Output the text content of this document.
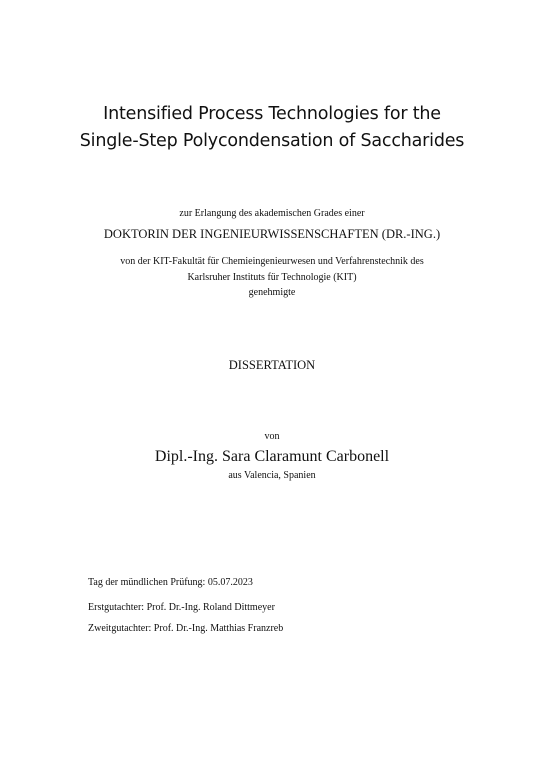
Intensified Process Technologies for the
Single-Step Polycondensation of Saccharides
zur Erlangung des akademischen Grades einer
DOKTORIN DER INGENIEURWISSENSCHAFTEN (DR.-ING.)
von der KIT-Fakultät für Chemieingenieurwesen und Verfahrenstechnik des
Karlsruher Instituts für Technologie (KIT)
genehmigte
DISSERTATION
von
Dipl.-Ing. Sara Claramunt Carbonell
aus Valencia, Spanien
Tag der mündlichen Prüfung: 05.07.2023
Erstgutachter: Prof. Dr.-Ing. Roland Dittmeyer
Zweitgutachter: Prof. Dr.-Ing. Matthias Franzreb
